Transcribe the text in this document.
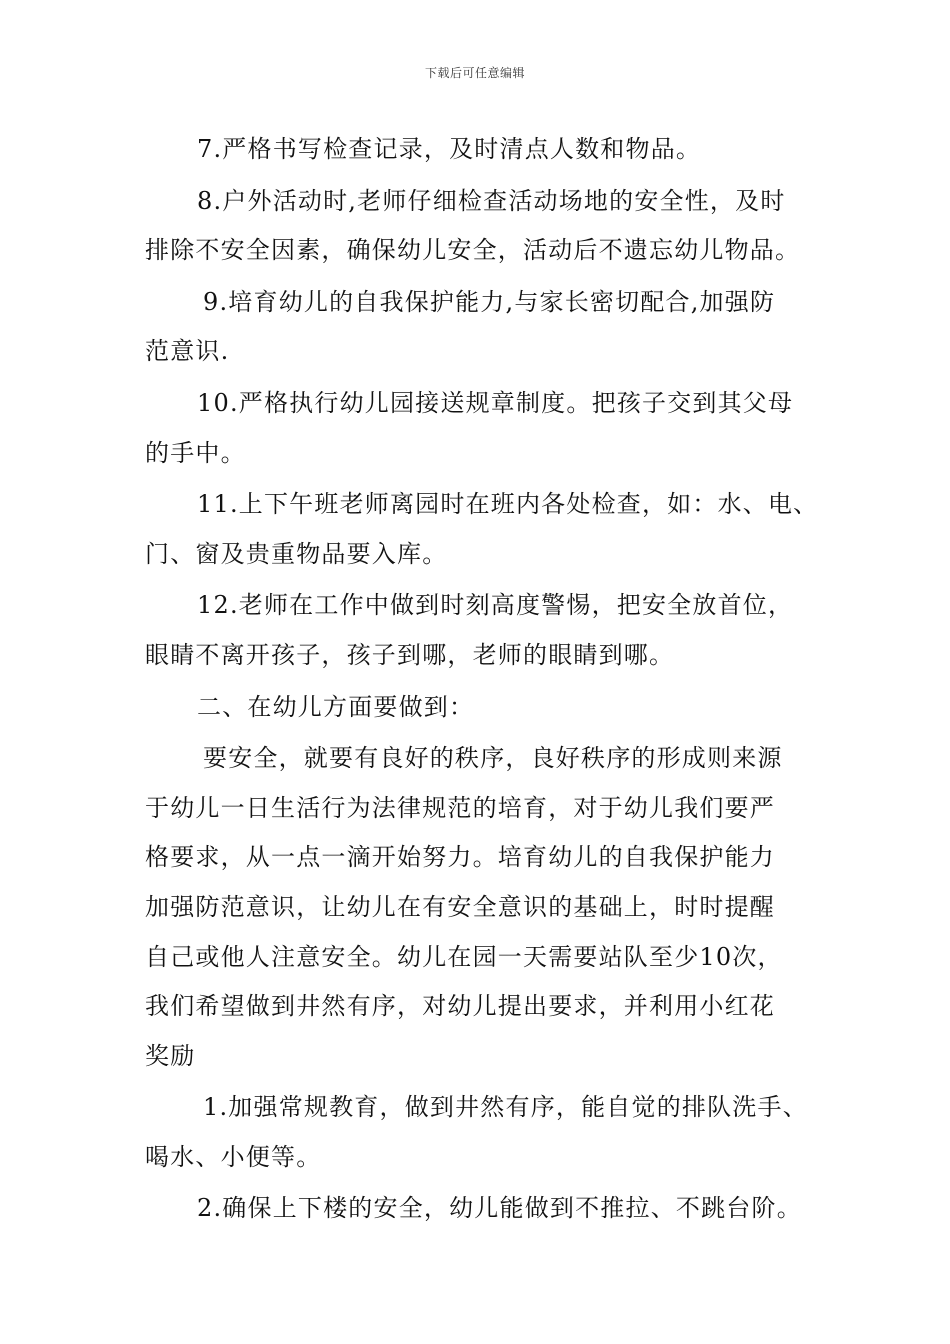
下载后可任意编辑

7.严格书写检查记录，及时清点人数和物品。

8.户外活动时,老师仔细检查活动场地的安全性，及时
排除不安全因素，确保幼儿安全，活动后不遗忘幼儿物品。

9.培育幼儿的自我保护能力,与家长密切配合,加强防
范意识.

10.严格执行幼儿园接送规章制度。把孩子交到其父母
的手中。

11.上下午班老师离园时在班内各处检查，如：水、电、
门、窗及贵重物品要入库。

12.老师在工作中做到时刻高度警惕，把安全放首位，
眼睛不离开孩子，孩子到哪，老师的眼睛到哪。

二、在幼儿方面要做到：

要安全，就要有良好的秩序，良好秩序的形成则来源
于幼儿一日生活行为法律规范的培育，对于幼儿我们要严
格要求，从一点一滴开始努力。培育幼儿的自我保护能力
加强防范意识，让幼儿在有安全意识的基础上，时时提醒
自己或他人注意安全。幼儿在园一天需要站队至少10次，
我们希望做到井然有序，对幼儿提出要求，并利用小红花
奖励

1.加强常规教育，做到井然有序，能自觉的排队洗手、
喝水、小便等。

2.确保上下楼的安全，幼儿能做到不推拉、不跳台阶。
